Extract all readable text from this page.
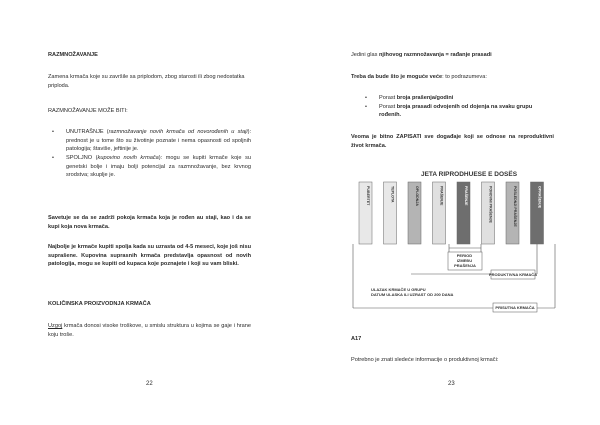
RAZMNOŽAVANJE
Zamena krmača koje su završile sa priplodom, zbog starosti ili zbog nedostatka priploda.
RAZMNOŽAVANJE MOŽE BITI:
• UNUTRAŠNJE (razmnožavanje novih krmača od novorođenih u staji): prednost je u tome što su životinje poznate i nema opasnosti od spoljnih patologija; štaviše, jeftinije je.
• SPOLJNO (kupovino novih krmača): mogu se kupiti krmače koje su genetski bolje i imaju bolji potencijal za razmnožavanje, bez krvnog srodstva; skuplje je.
Savetuje se da se zadrži pokoja krmača koja je rođen au staji, kao i da se kupi koja nova krmača.
Najbolje je krmače kupiti spolja kada su uzrasta od 4-5 meseci, koje još nisu suprašene. Kupovina suprasnih krmača predstavlja opasnost od novih patologija, mogu se kupiti od kupaca koje poznajete i koji su vam bliski.
KOLIČINSKA PROIZVODNJA KRMAČA
Uzgoj krmača donosi visoke troškove, u smislu struktura u kojima se gaje i hrane koju troše.
22
Jedini glas njihovog razmnožavanja = rađanje prasadi
Treba da bude što je moguće veće: to podrazumeva:
• Porast broja prašenja/godini
• Porast broja prasadi odvojenih od dojenja na svaku grupu rođenih.
Veoma je bitno ZAPISATI sve događaje koji se odnose na reproduktivni život krmača.
A17
Potrebno je znati sledeće informacije o produktivnoj krmači:
JETA RIPRODHUESE E DOSËS
PUBERTET	TEPLOTA	OPLODNJA	PRAŠENJE	PRAŠENJE	PONOVNI PRAŠENJE	POSLEDNJI PRAŠENJE	OPRAŠENJE
PERIOD IZMEĐU PRAŠENJA
PRODUKTIVNA KRMAČA
ULAZAK KRMAČE U GRUPU
DATUM ULASKA ILI UZRAST OD 200 DANA
PRISUTNA KRMAČA
23
